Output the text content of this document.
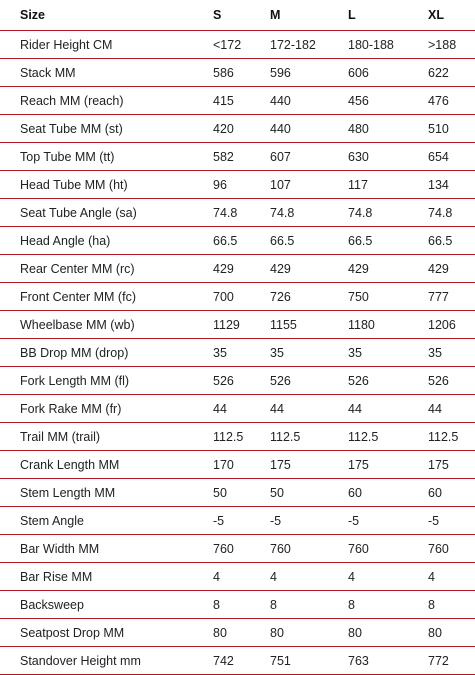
Size	S	M	L	XL
Rider Height CM	<172	172-182	180-188	>188
Stack MM	586	596	606	622
Reach MM (reach)	415	440	456	476
Seat Tube MM (st)	420	440	480	510
Top Tube MM (tt)	582	607	630	654
Head Tube MM (ht)	96	107	117	134
Seat Tube Angle (sa)	74.8	74.8	74.8	74.8
Head Angle (ha)	66.5	66.5	66.5	66.5
Rear Center MM (rc)	429	429	429	429
Front Center MM (fc)	700	726	750	777
Wheelbase MM (wb)	1129	1155	1180	1206
BB Drop MM (drop)	35	35	35	35
Fork Length MM (fl)	526	526	526	526
Fork Rake MM (fr)	44	44	44	44
Trail MM (trail)	112.5	112.5	112.5	112.5
Crank Length MM	170	175	175	175
Stem Length MM	50	50	60	60
Stem Angle	-5	-5	-5	-5
Bar Width MM	760	760	760	760
Bar Rise MM	4	4	4	4
Backsweep	8	8	8	8
Seatpost Drop MM	80	80	80	80
Standover Height mm	742	751	763	772
